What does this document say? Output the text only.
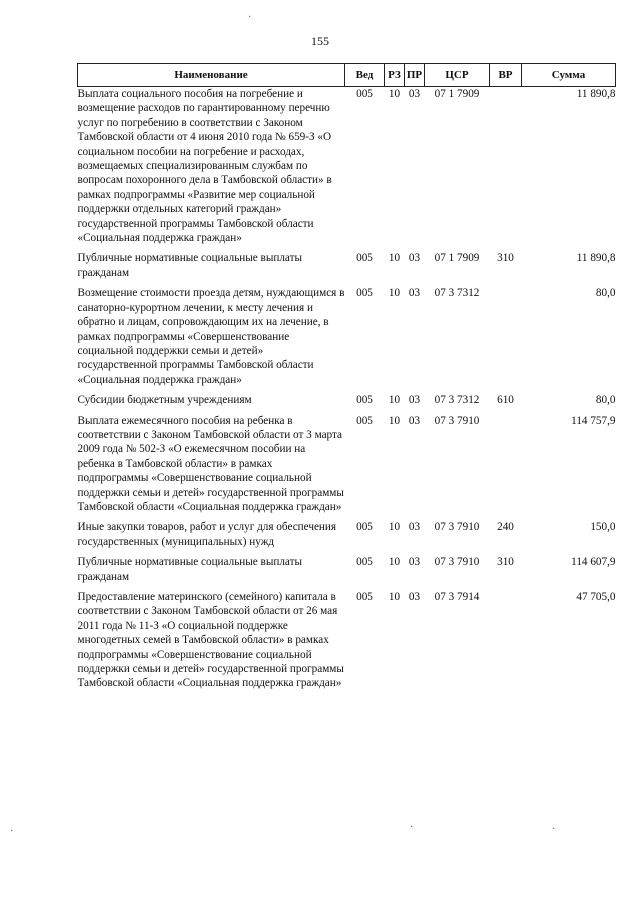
155
Наименование	Вед	РЗ	ПР	ЦСР	ВР	Сумма
Выплата социального пособия на погребение и возмещение расходов по гарантированному перечню услуг по погребению в соответствии с Законом Тамбовской области от 4 июня 2010 года № 659-З «О социальном пособии на погребение и расходах, возмещаемых специализированным службам по вопросам похоронного дела в Тамбовской области» в рамках подпрограммы «Развитие мер социальной поддержки отдельных категорий граждан» государственной программы Тамбовской области «Социальная поддержка граждан»	005	10	03	07 1 7909		11 890,8
Публичные нормативные социальные выплаты гражданам	005	10	03	07 1 7909	310	11 890,8
Возмещение стоимости проезда детям, нуждающимся в санаторно-курортном лечении, к месту лечения и обратно и лицам, сопровождающим их на лечение, в рамках подпрограммы «Совершенствование социальной поддержки семьи и детей» государственной программы Тамбовской области «Социальная поддержка граждан»	005	10	03	07 3 7312		80,0
Субсидии бюджетным учреждениям	005	10	03	07 3 7312	610	80,0
Выплата ежемесячного пособия на ребенка в соответствии с Законом Тамбовской области от 3 марта 2009 года № 502-З «О ежемесячном пособии на ребенка в Тамбовской области» в рамках подпрограммы «Совершенствование социальной поддержки семьи и детей» государственной программы Тамбовской области «Социальная поддержка граждан»	005	10	03	07 3 7910		114 757,9
Иные закупки товаров, работ и услуг для обеспечения государственных (муниципальных) нужд	005	10	03	07 3 7910	240	150,0
Публичные нормативные социальные выплаты гражданам	005	10	03	07 3 7910	310	114 607,9
Предоставление материнского (семейного) капитала в соответствии с Законом Тамбовской области от 26 мая 2011 года № 11-З «О социальной поддержке многодетных семей в Тамбовской области» в рамках подпрограммы «Совершенствование социальной поддержки семьи и детей» государственной программы Тамбовской области «Социальная поддержка граждан»	005	10	03	07 3 7914		47 705,0
·
·	·	·
